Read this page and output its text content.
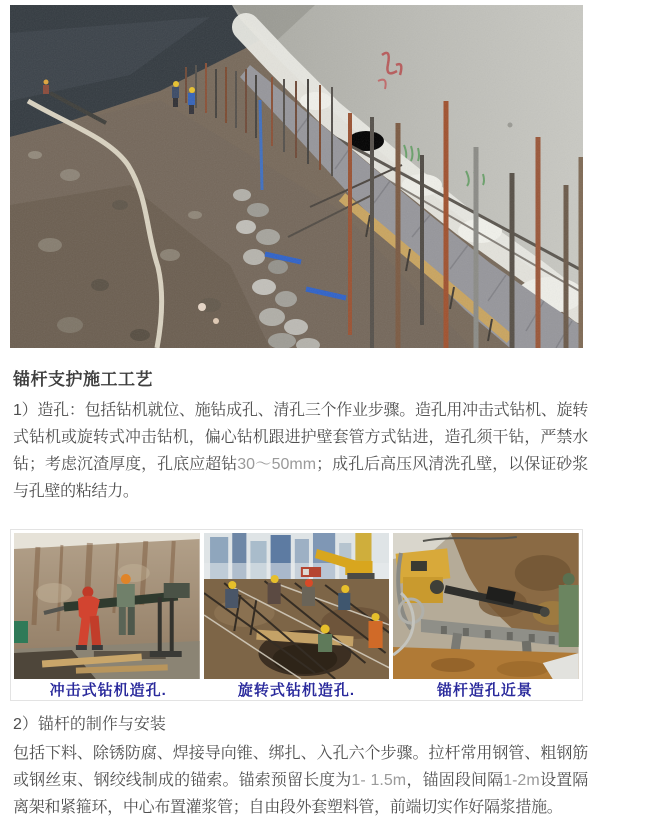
锚杆支护施工工艺

1）造孔：包括钻机就位、施钻成孔、清孔三个作业步骤。造孔用冲击式钻机、旋转式钻机或旋转式冲击钻机，偏心钻机跟进护壁套管方式钻进，造孔须干钻，严禁水钻；考虑沉渣厚度，孔底应超钻30～50mm；成孔后高压风清洗孔壁，以保证砂浆与孔壁的粘结力。

冲击式钻机造孔.	旋转式钻机造孔.	锚杆造孔近景

2）锚杆的制作与安装

包括下料、除锈防腐、焊接导向锥、绑扎、入孔六个步骤。拉杆常用钢管、粗钢筋或钢丝束、钢绞线制成的锚索。锚索预留长度为1- 1.5m，锚固段间隔1-2m设置隔离架和紧箍环，中心布置灌浆管；自由段外套塑料管，前端切实作好隔浆措施。
